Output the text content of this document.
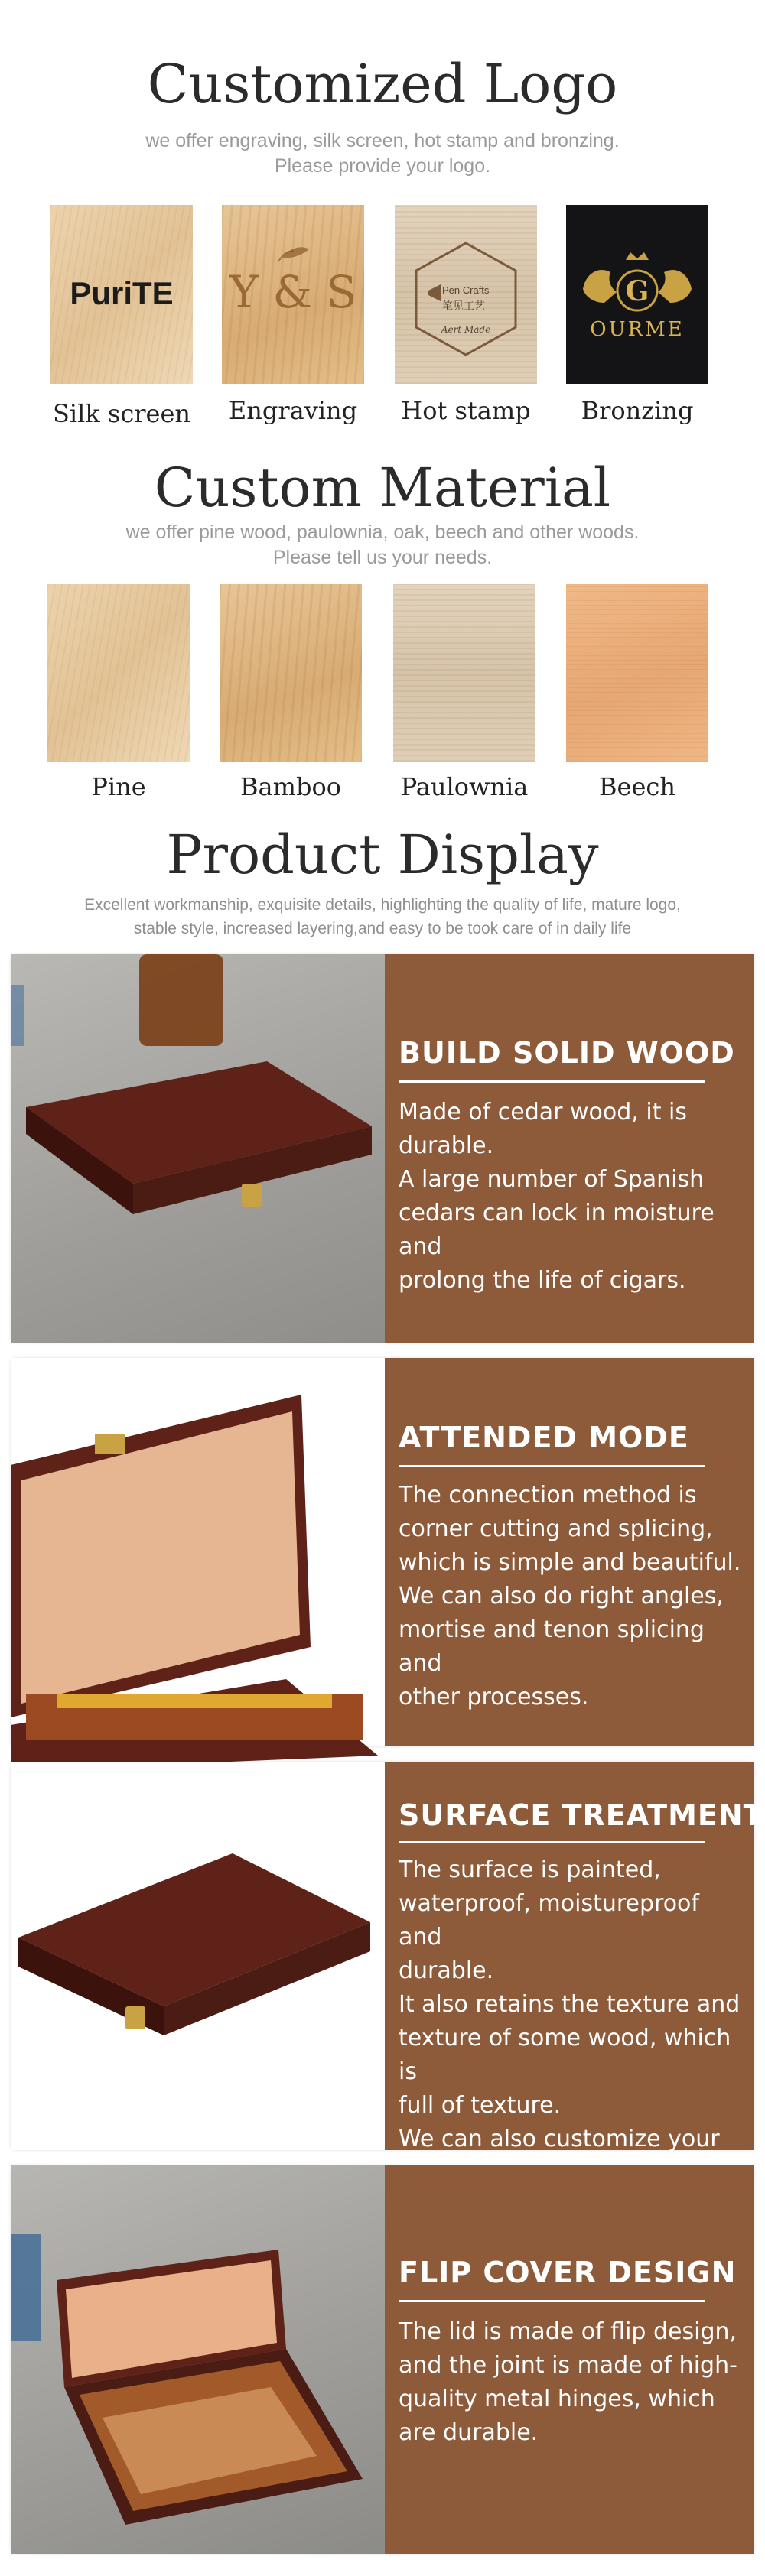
Customized Logo
we offer engraving, silk screen, hot stamp and bronzing.
Please provide your logo.
PuriTE
Silk screen
Y & S
Engraving
Pen Crafts
笔见工艺
Aert Made
Hot stamp
G
OURME
Bronzing
Custom Material
we offer pine wood, paulownia, oak, beech and other woods.
Please tell us your needs.
Pine	Bamboo	Paulownia	Beech
Product Display
Excellent workmanship, exquisite details, highlighting the quality of life, mature logo,
stable style, increased layering,and easy to be took care of in daily life
BUILD SOLID WOOD

Made of cedar wood, it is

durable.

A large number of Spanish

cedars can lock in moisture and

prolong the life of cigars.

ATTENDED MODE

The connection method is

corner cutting and splicing,

which is simple and beautiful.

We can also do right angles,

mortise and tenon splicing and

other processes.

SURFACE TREATMENT

The surface is painted,

waterproof, moistureproof and

durable.

It also retains the texture and

texture of some wood, which is

full of texture.

We can also customize your

FLIP COVER DESIGN

The lid is made of flip design,

and the joint is made of high-

quality metal hinges, which

are durable.
